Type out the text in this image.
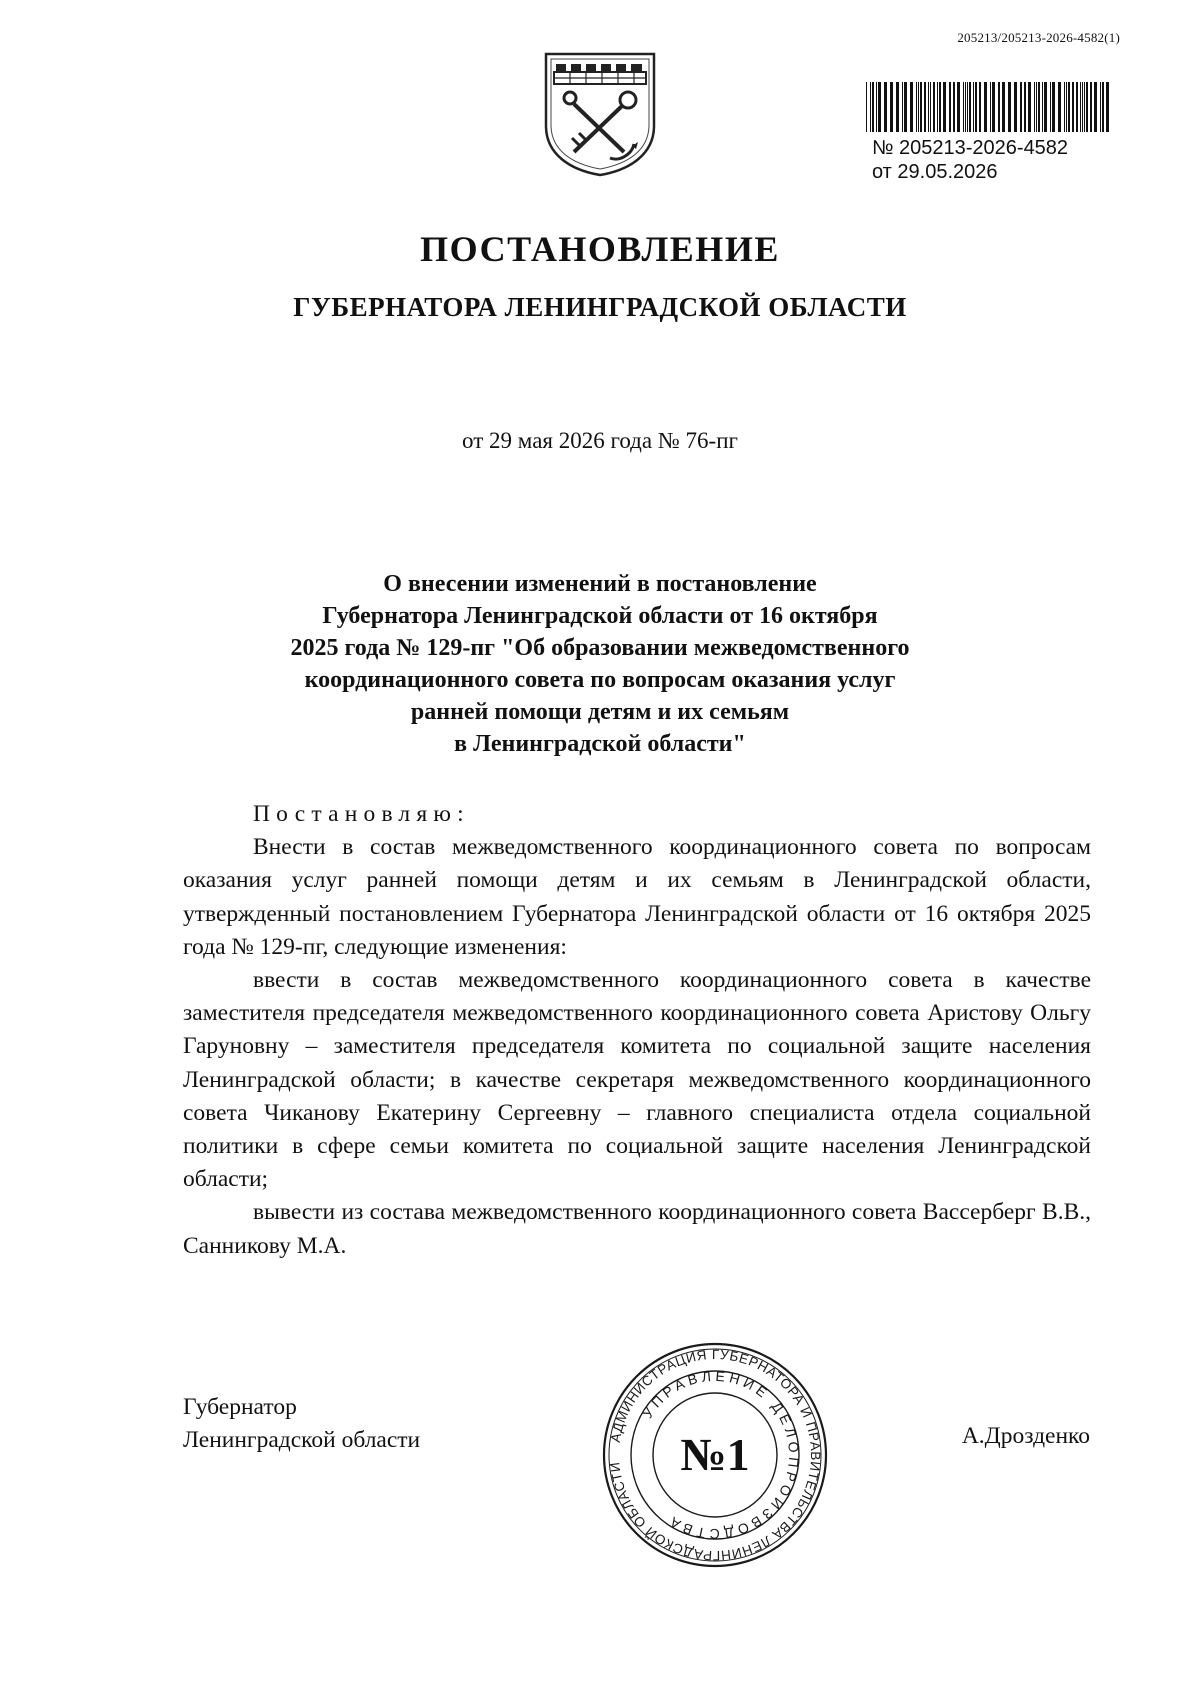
205213/205213-2026-4582(1)
№ 205213-2026-4582
от 29.05.2026
ПОСТАНОВЛЕНИЕ
ГУБЕРНАТОРА ЛЕНИНГРАДСКОЙ ОБЛАСТИ
от 29 мая 2026 года № 76-пг
О внесении изменений в постановление
Губернатора Ленинградской области от 16 октября
2025 года № 129-пг "Об образовании межведомственного
координационного совета по вопросам оказания услуг
ранней помощи детям и их семьям
в Ленинградской области"

Постановляю:

Внести в состав межведомственного координационного совета по вопросам оказания услуг ранней помощи детям и их семьям в Ленинградской области, утвержденный постановлением Губернатора Ленинградской области от 16 октября 2025 года № 129-пг, следующие изменения:

ввести в состав межведомственного координационного совета в качестве заместителя председателя межведомственного координационного совета Аристову Ольгу Гаруновну – заместителя председателя комитета по социальной защите населения Ленинградской области; в качестве секретаря межведомственного координационного совета Чиканову Екатерину Сергеевну – главного специалиста отдела социальной политики в сфере семьи комитета по социальной защите населения Ленинградской области;

вывести из состава межведомственного координационного совета Вассерберг В.В., Санникову М.А.

Губернатор
Ленинградской области	А.Дрозденко
АДМИНИСТРАЦИЯ ГУБЕРНАТОРА И ПРАВИТЕЛЬСТВА ЛЕНИНГРАДСКОЙ ОБЛАСТИ
УПРАВЛЕНИЕ ДЕЛОПРОИЗВОДСТВА
№1
